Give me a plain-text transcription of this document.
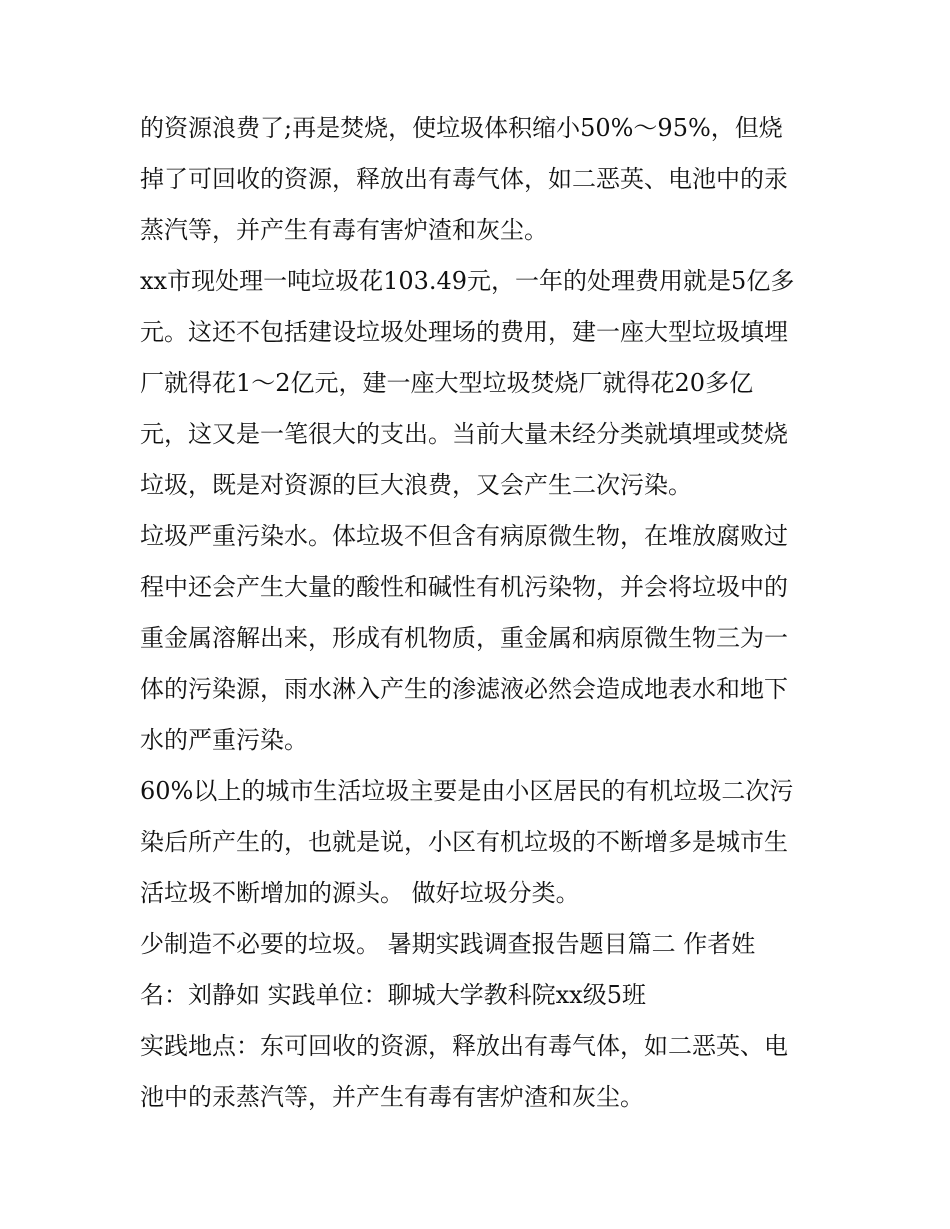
的资源浪费了;再是焚烧，使垃圾体积缩小50%～95%，但烧
掉了可回收的资源，释放出有毒气体，如二恶英、电池中的汞
蒸汽等，并产生有毒有害炉渣和灰尘。
xx市现处理一吨垃圾花103.49元，一年的处理费用就是5亿多
元。这还不包括建设垃圾处理场的费用，建一座大型垃圾填埋
厂就得花1～2亿元，建一座大型垃圾焚烧厂就得花20多亿
元，这又是一笔很大的支出。当前大量未经分类就填埋或焚烧
垃圾，既是对资源的巨大浪费，又会产生二次污染。
垃圾严重污染水。体垃圾不但含有病原微生物，在堆放腐败过
程中还会产生大量的酸性和碱性有机污染物，并会将垃圾中的
重金属溶解出来，形成有机物质，重金属和病原微生物三为一
体的污染源，雨水淋入产生的渗滤液必然会造成地表水和地下
水的严重污染。
60%以上的城市生活垃圾主要是由小区居民的有机垃圾二次污
染后所产生的，也就是说，小区有机垃圾的不断增多是城市生
活垃圾不断增加的源头。 做好垃圾分类。
少制造不必要的垃圾。 暑期实践调查报告题目篇二 作者姓
名：刘静如 实践单位：聊城大学教科院xx级5班
实践地点：东可回收的资源，释放出有毒气体，如二恶英、电
池中的汞蒸汽等，并产生有毒有害炉渣和灰尘。
